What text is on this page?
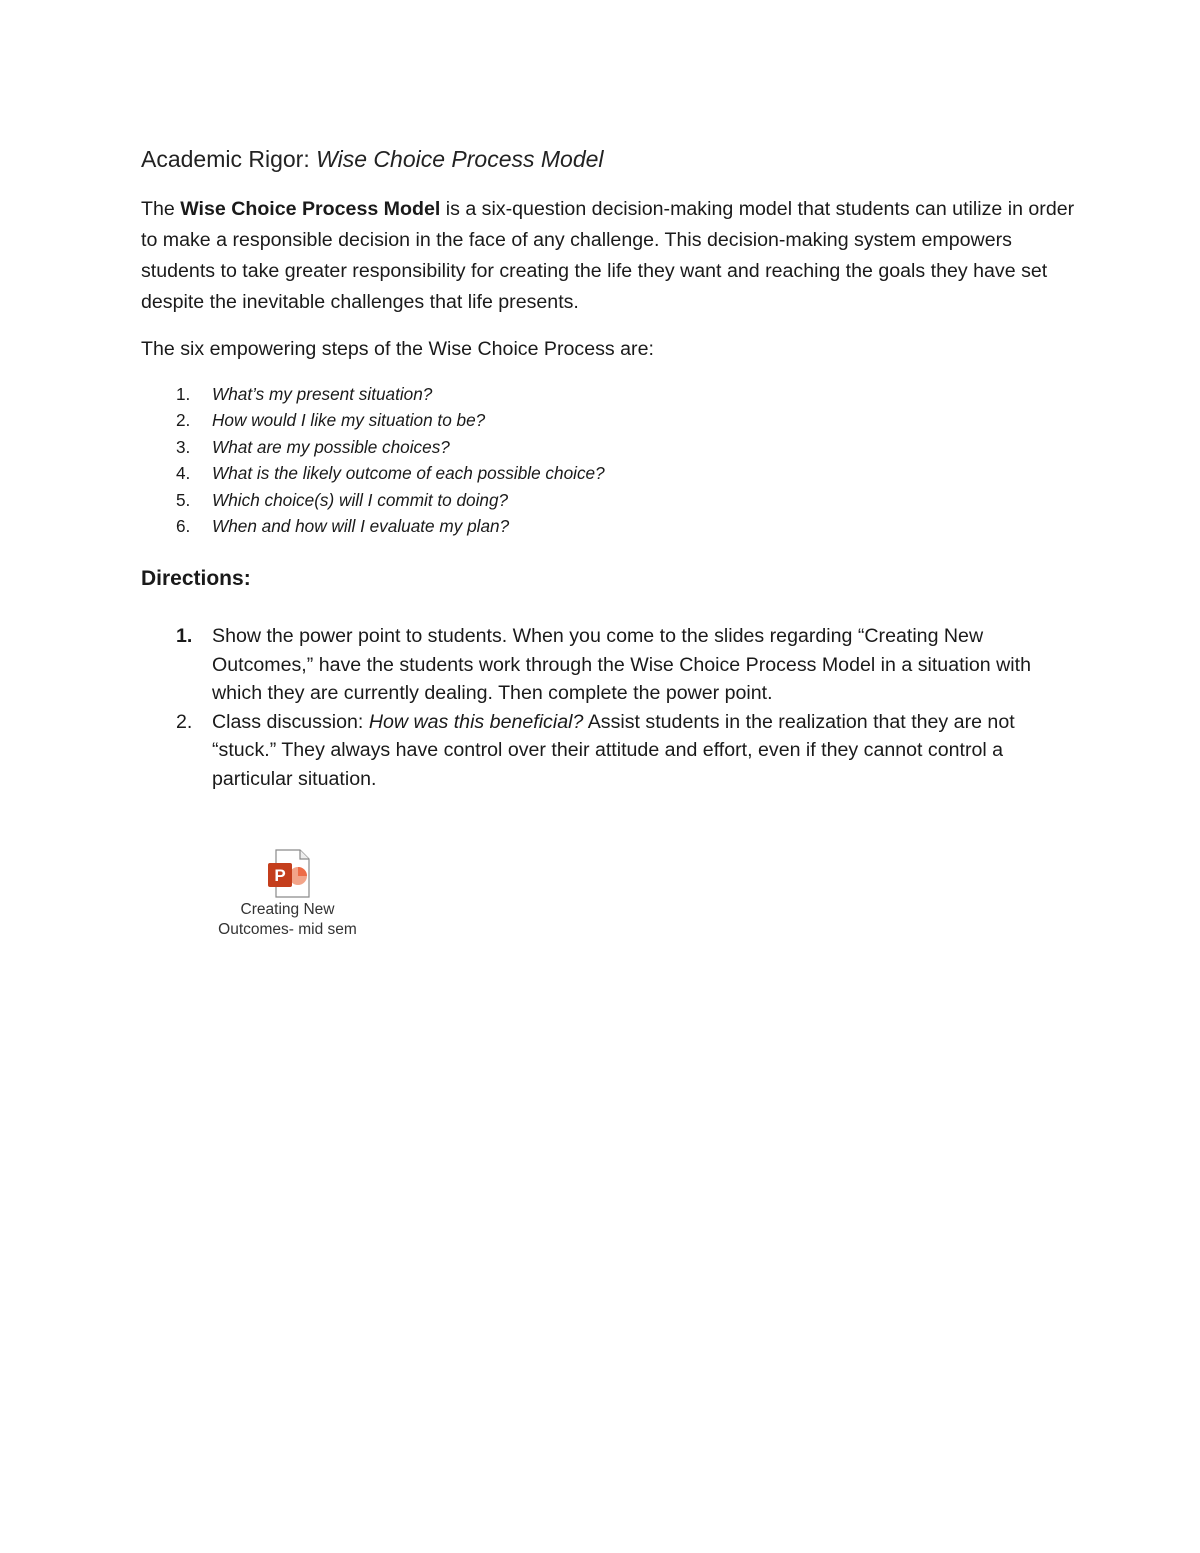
Academic Rigor: Wise Choice Process Model
The Wise Choice Process Model is a six-question decision-making model that students can utilize in order to make a responsible decision in the face of any challenge. This decision-making system empowers students to take greater responsibility for creating the life they want and reaching the goals they have set despite the inevitable challenges that life presents.
The six empowering steps of the Wise Choice Process are:
1. What’s my present situation?
2. How would I like my situation to be?
3. What are my possible choices?
4. What is the likely outcome of each possible choice?
5. Which choice(s) will I commit to doing?
6. When and how will I evaluate my plan?
Directions:
1. Show the power point to students. When you come to the slides regarding “Creating New Outcomes,” have the students work through the Wise Choice Process Model in a situation with which they are currently dealing. Then complete the power point.
2. Class discussion: How was this beneficial? Assist students in the realization that they are not “stuck.” They always have control over their attitude and effort, even if they cannot control a particular situation.
P
Creating New
Outcomes- mid sem
